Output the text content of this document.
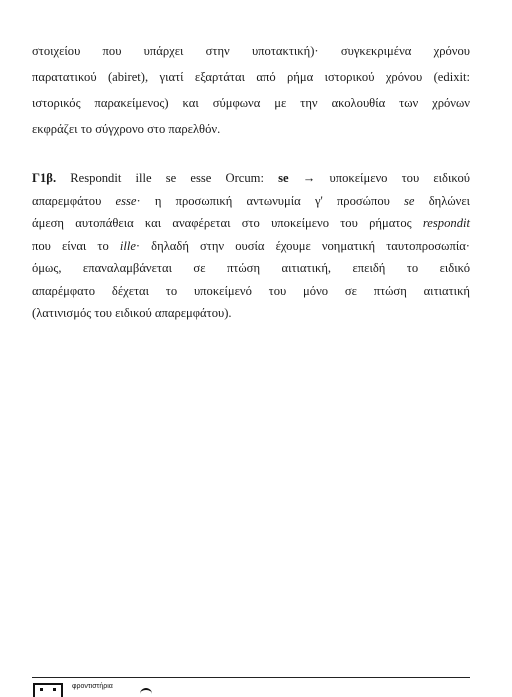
στοιχείου που υπάρχει στην υποτακτική)· συγκεκριμένα χρόνου
παρατατικού (abiret), γιατί εξαρτάται από ρήμα ιστορικού χρόνου (edixit:
ιστορικός παρακείμενος) και σύμφωνα με την ακολουθία των χρόνων
εκφράζει το σύγχρονο στο παρελθόν.
Γ1β. Respondit ille se esse Orcum: se → υποκείμενο του ειδικού
απαρεμφάτου esse· η προσωπική αντωνυμία γ' προσώπου se δηλώνει
άμεση αυτοπάθεια και αναφέρεται στο υποκείμενο του ρήματος respondit
που είναι το ille· δηλαδή στην ουσία έχουμε νοηματική ταυτοπροσωπία·
όμως, επαναλαμβάνεται σε πτώση αιτιατική, επειδή το ειδικό
απαρέμφατο δέχεται το υποκείμενό του μόνο σε πτώση αιτιατική
(λατινισμός του ειδικού απαρεμφάτου).
φροντιστήρια
